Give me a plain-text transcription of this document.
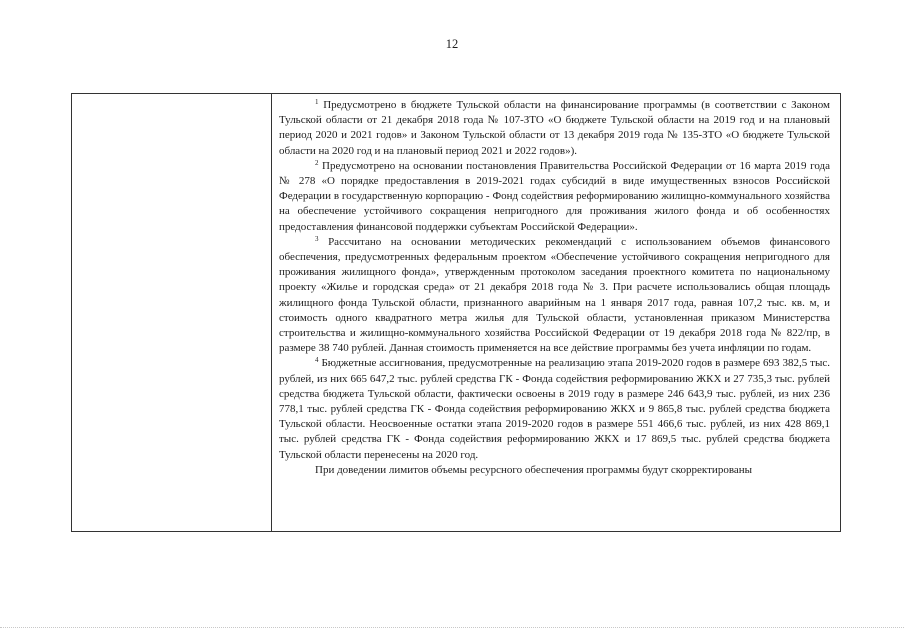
12

$^1$ Предусмотрено в бюджете Тульской области на финансирование программы (в соответствии с Законом Тульской области от 21 декабря 2018 года № 107-ЗТО «О бюджете Тульской области на 2019 год и на плановый период 2020 и 2021 годов» и Законом Тульской области от 13 декабря 2019 года № 135-ЗТО «О бюджете Тульской области на 2020 год и на плановый период 2021 и 2022 годов»).

$^2$ Предусмотрено на основании постановления Правительства Российской Федерации от 16 марта 2019 года № 278 «О порядке предоставления в 2019-2021 годах субсидий в виде имущественных взносов Российской Федерации в государственную корпорацию - Фонд содействия реформированию жилищно-коммунального хозяйства на обеспечение устойчивого сокращения непригодного для проживания жилого фонда и об особенностях предоставления финансовой поддержки субъектам Российской Федерации».

$^3$ Рассчитано на основании методических рекомендаций с использованием объемов финансового обеспечения, предусмотренных федеральным проектом «Обеспечение устойчивого сокращения непригодного для проживания жилищного фонда», утвержденным протоколом заседания проектного комитета по национальному проекту «Жилье и городская среда» от 21 декабря 2018 года № 3. При расчете использовались общая площадь жилищного фонда Тульской области, признанного аварийным на 1 января 2017 года, равная 107,2 тыс. кв. м, и стоимость одного квадратного метра жилья для Тульской области, установленная приказом Министерства строительства и жилищно-коммунального хозяйства Российской Федерации от 19 декабря 2018 года № 822/пр, в размере 38 740 рублей. Данная стоимость применяется на все действие программы без учета инфляции по годам.

$^4$ Бюджетные ассигнования, предусмотренные на реализацию этапа 2019-2020 годов в размере 693 382,5 тыс. рублей, из них 665 647,2 тыс. рублей средства ГК - Фонда содействия реформированию ЖКХ и 27 735,3 тыс. рублей средства бюджета Тульской области, фактически освоены в 2019 году в размере 246 643,9 тыс. рублей, из них 236 778,1 тыс. рублей средства ГК - Фонда содействия реформированию ЖКХ и 9 865,8 тыс. рублей средства бюджета Тульской области. Неосвоенные остатки этапа 2019-2020 годов в размере 551 466,6 тыс. рублей, из них 428 869,1 тыс. рублей средства ГК - Фонда содействия реформированию ЖКХ и 17 869,5 тыс. рублей средства бюджета Тульской области перенесены на 2020 год.

При доведении лимитов объемы ресурсного обеспечения программы будут скорректированы
